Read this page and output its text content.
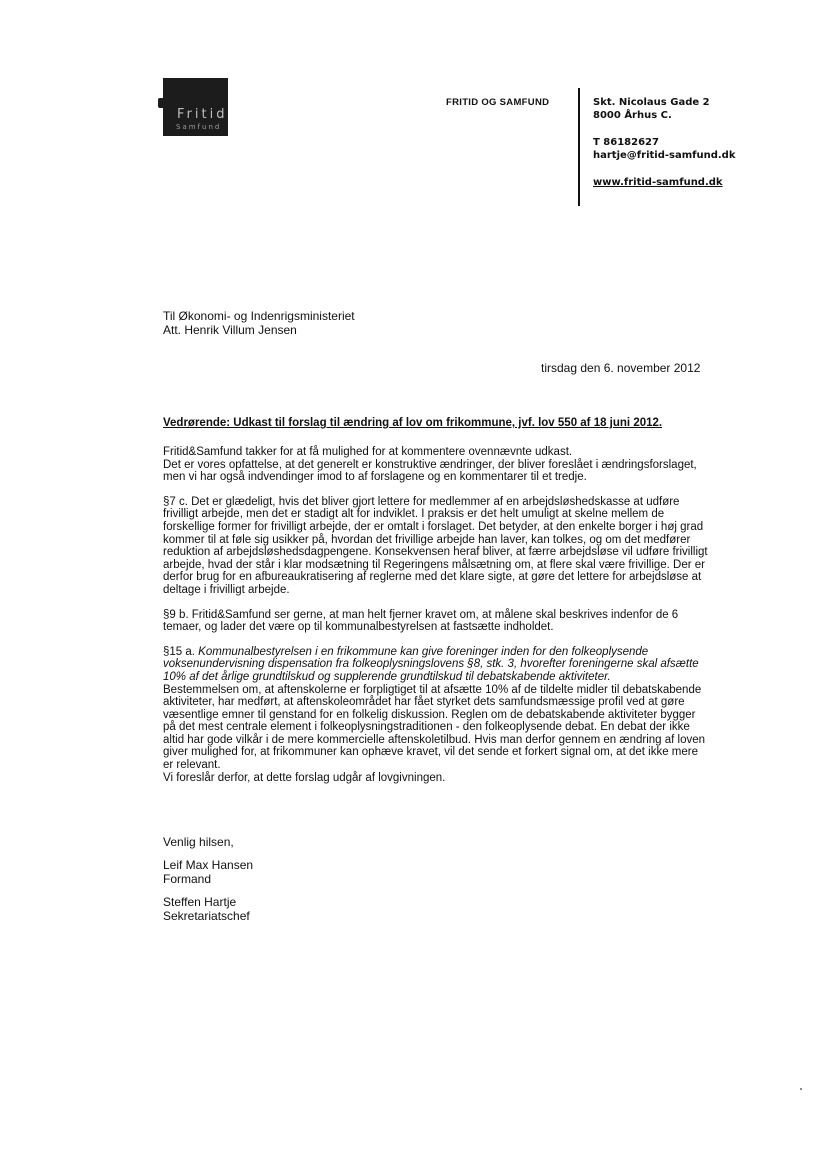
Fritid
Samfund
FRITID OG SAMFUND	Skt. Nicolaus Gade 2
8000 Århus C.
T 86182627
hartje@fritid-samfund.dk
www.fritid-samfund.dk
Til Økonomi- og Indenrigsministeriet
Att. Henrik Villum Jensen
tirsdag den 6. november 2012
Vedrørende: Udkast til forslag til ændring af lov om frikommune, jvf. lov 550 af 18 juni 2012.

Fritid&Samfund takker for at få mulighed for at kommentere ovennævnte udkast.
Det er vores opfattelse, at det generelt er konstruktive ændringer, der bliver foreslået i ændringsforslaget, men vi har også indvendinger imod to af forslagene og en kommentarer til et tredje.

§7 c. Det er glædeligt, hvis det bliver gjort lettere for medlemmer af en arbejdsløshedskasse at udføre frivilligt arbejde, men det er stadigt alt for indviklet. I praksis er det helt umuligt at skelne mellem de forskellige former for frivilligt arbejde, der er omtalt i forslaget. Det betyder, at den enkelte borger i høj grad kommer til at føle sig usikker på, hvordan det frivillige arbejde han laver, kan tolkes, og om det medfører reduktion af arbejdsløshedsdagpengene. Konsekvensen heraf bliver, at færre arbejdsløse vil udføre frivilligt arbejde, hvad der står i klar modsætning til Regeringens målsætning om, at flere skal være frivillige. Der er derfor brug for en afbureaukratisering af reglerne med det klare sigte, at gøre det lettere for arbejdsløse at deltage i frivilligt arbejde.

§9 b. Fritid&Samfund ser gerne, at man helt fjerner kravet om, at målene skal beskrives indenfor de 6 temaer, og lader det være op til kommunalbestyrelsen at fastsætte indholdet.

§15 a. Kommunalbestyrelsen i en frikommune kan give foreninger inden for den folkeoplysende voksenundervisning dispensation fra folkeoplysningslovens §8, stk. 3, hvorefter foreningerne skal afsætte 10% af det årlige grundtilskud og supplerende grundtilskud til debatskabende aktiviteter.
Bestemmelsen om, at aftenskolerne er forpligtiget til at afsætte 10% af de tildelte midler til debatskabende aktiviteter, har medført, at aftenskoleområdet har fået styrket dets samfundsmæssige profil ved at gøre væsentlige emner til genstand for en folkelig diskussion. Reglen om de debatskabende aktiviteter bygger på det mest centrale element i folkeoplysningstraditionen - den folkeoplysende debat. En debat der ikke altid har gode vilkår i de mere kommercielle aftenskoletilbud. Hvis man derfor gennem en ændring af loven giver mulighed for, at frikommuner kan ophæve kravet, vil det sende et forkert signal om, at det ikke mere er relevant.
Vi foreslår derfor, at dette forslag udgår af lovgivningen.

Venlig hilsen,
Leif Max Hansen
Formand
Steffen Hartje
Sekretariatschef
